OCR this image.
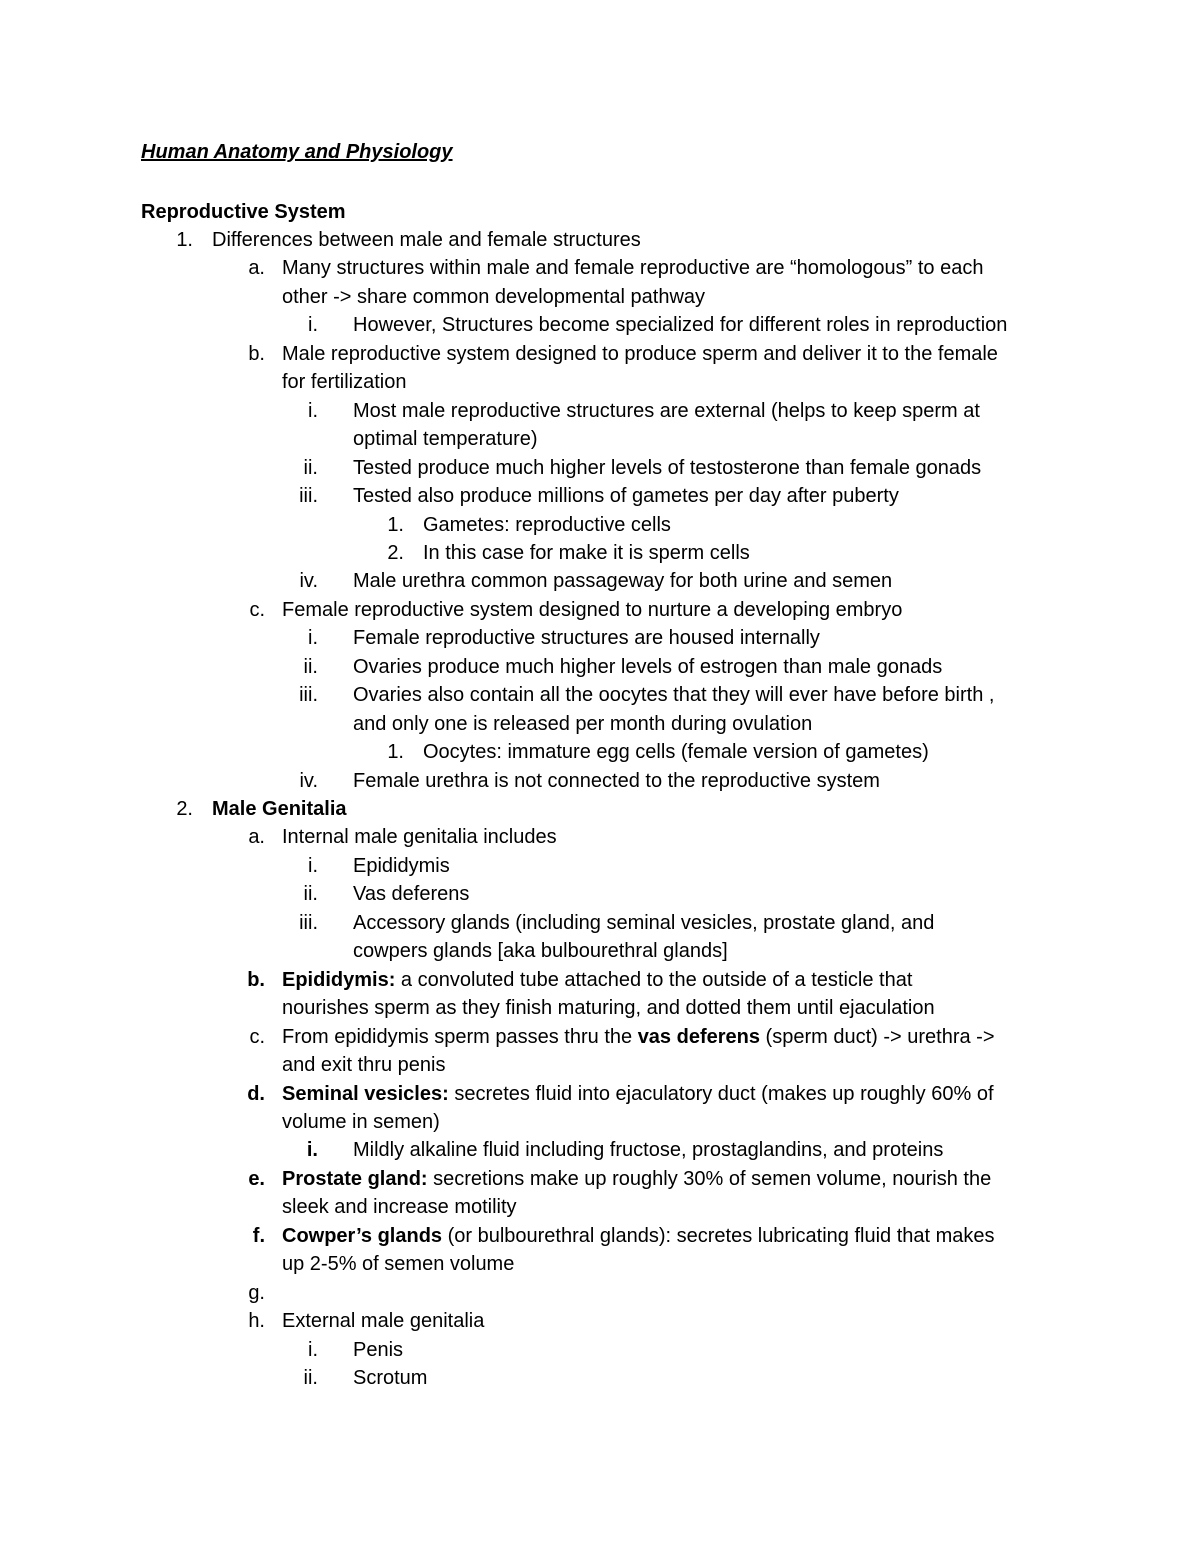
Human Anatomy and Physiology
Reproductive System
1. Differences between male and female structures
a. Many structures within male and female reproductive are “homologous” to each
other -> share common developmental pathway
i. However, Structures become specialized for different roles in reproduction
b. Male reproductive system designed to produce sperm and deliver it to the female
for fertilization
i. Most male reproductive structures are external (helps to keep sperm at
optimal temperature)
ii. Tested produce much higher levels of testosterone than female gonads
iii. Tested also produce millions of gametes per day after puberty
1. Gametes: reproductive cells
2. In this case for make it is sperm cells
iv. Male urethra common passageway for both urine and semen
c. Female reproductive system designed to nurture a developing embryo
i. Female reproductive structures are housed internally
ii. Ovaries produce much higher levels of estrogen than male gonads
iii. Ovaries also contain all the oocytes that they will ever have before birth ,
and only one is released per month during ovulation
1. Oocytes: immature egg cells (female version of gametes)
iv. Female urethra is not connected to the reproductive system
2. Male Genitalia
a. Internal male genitalia includes
i. Epididymis
ii. Vas deferens
iii. Accessory glands (including seminal vesicles, prostate gland, and
cowpers glands [aka bulbourethral glands]
b. Epididymis: a convoluted tube attached to the outside of a testicle that
nourishes sperm as they finish maturing, and dotted them until ejaculation
c. From epididymis sperm passes thru the vas deferens (sperm duct) -> urethra ->
and exit thru penis
d. Seminal vesicles: secretes fluid into ejaculatory duct (makes up roughly 60% of
volume in semen)
i. Mildly alkaline fluid including fructose, prostaglandins, and proteins
e. Prostate gland: secretions make up roughly 30% of semen volume, nourish the
sleek and increase motility
f. Cowper’s glands (or bulbourethral glands): secretes lubricating fluid that makes
up 2-5% of semen volume
g.
h. External male genitalia
i. Penis
ii. Scrotum
